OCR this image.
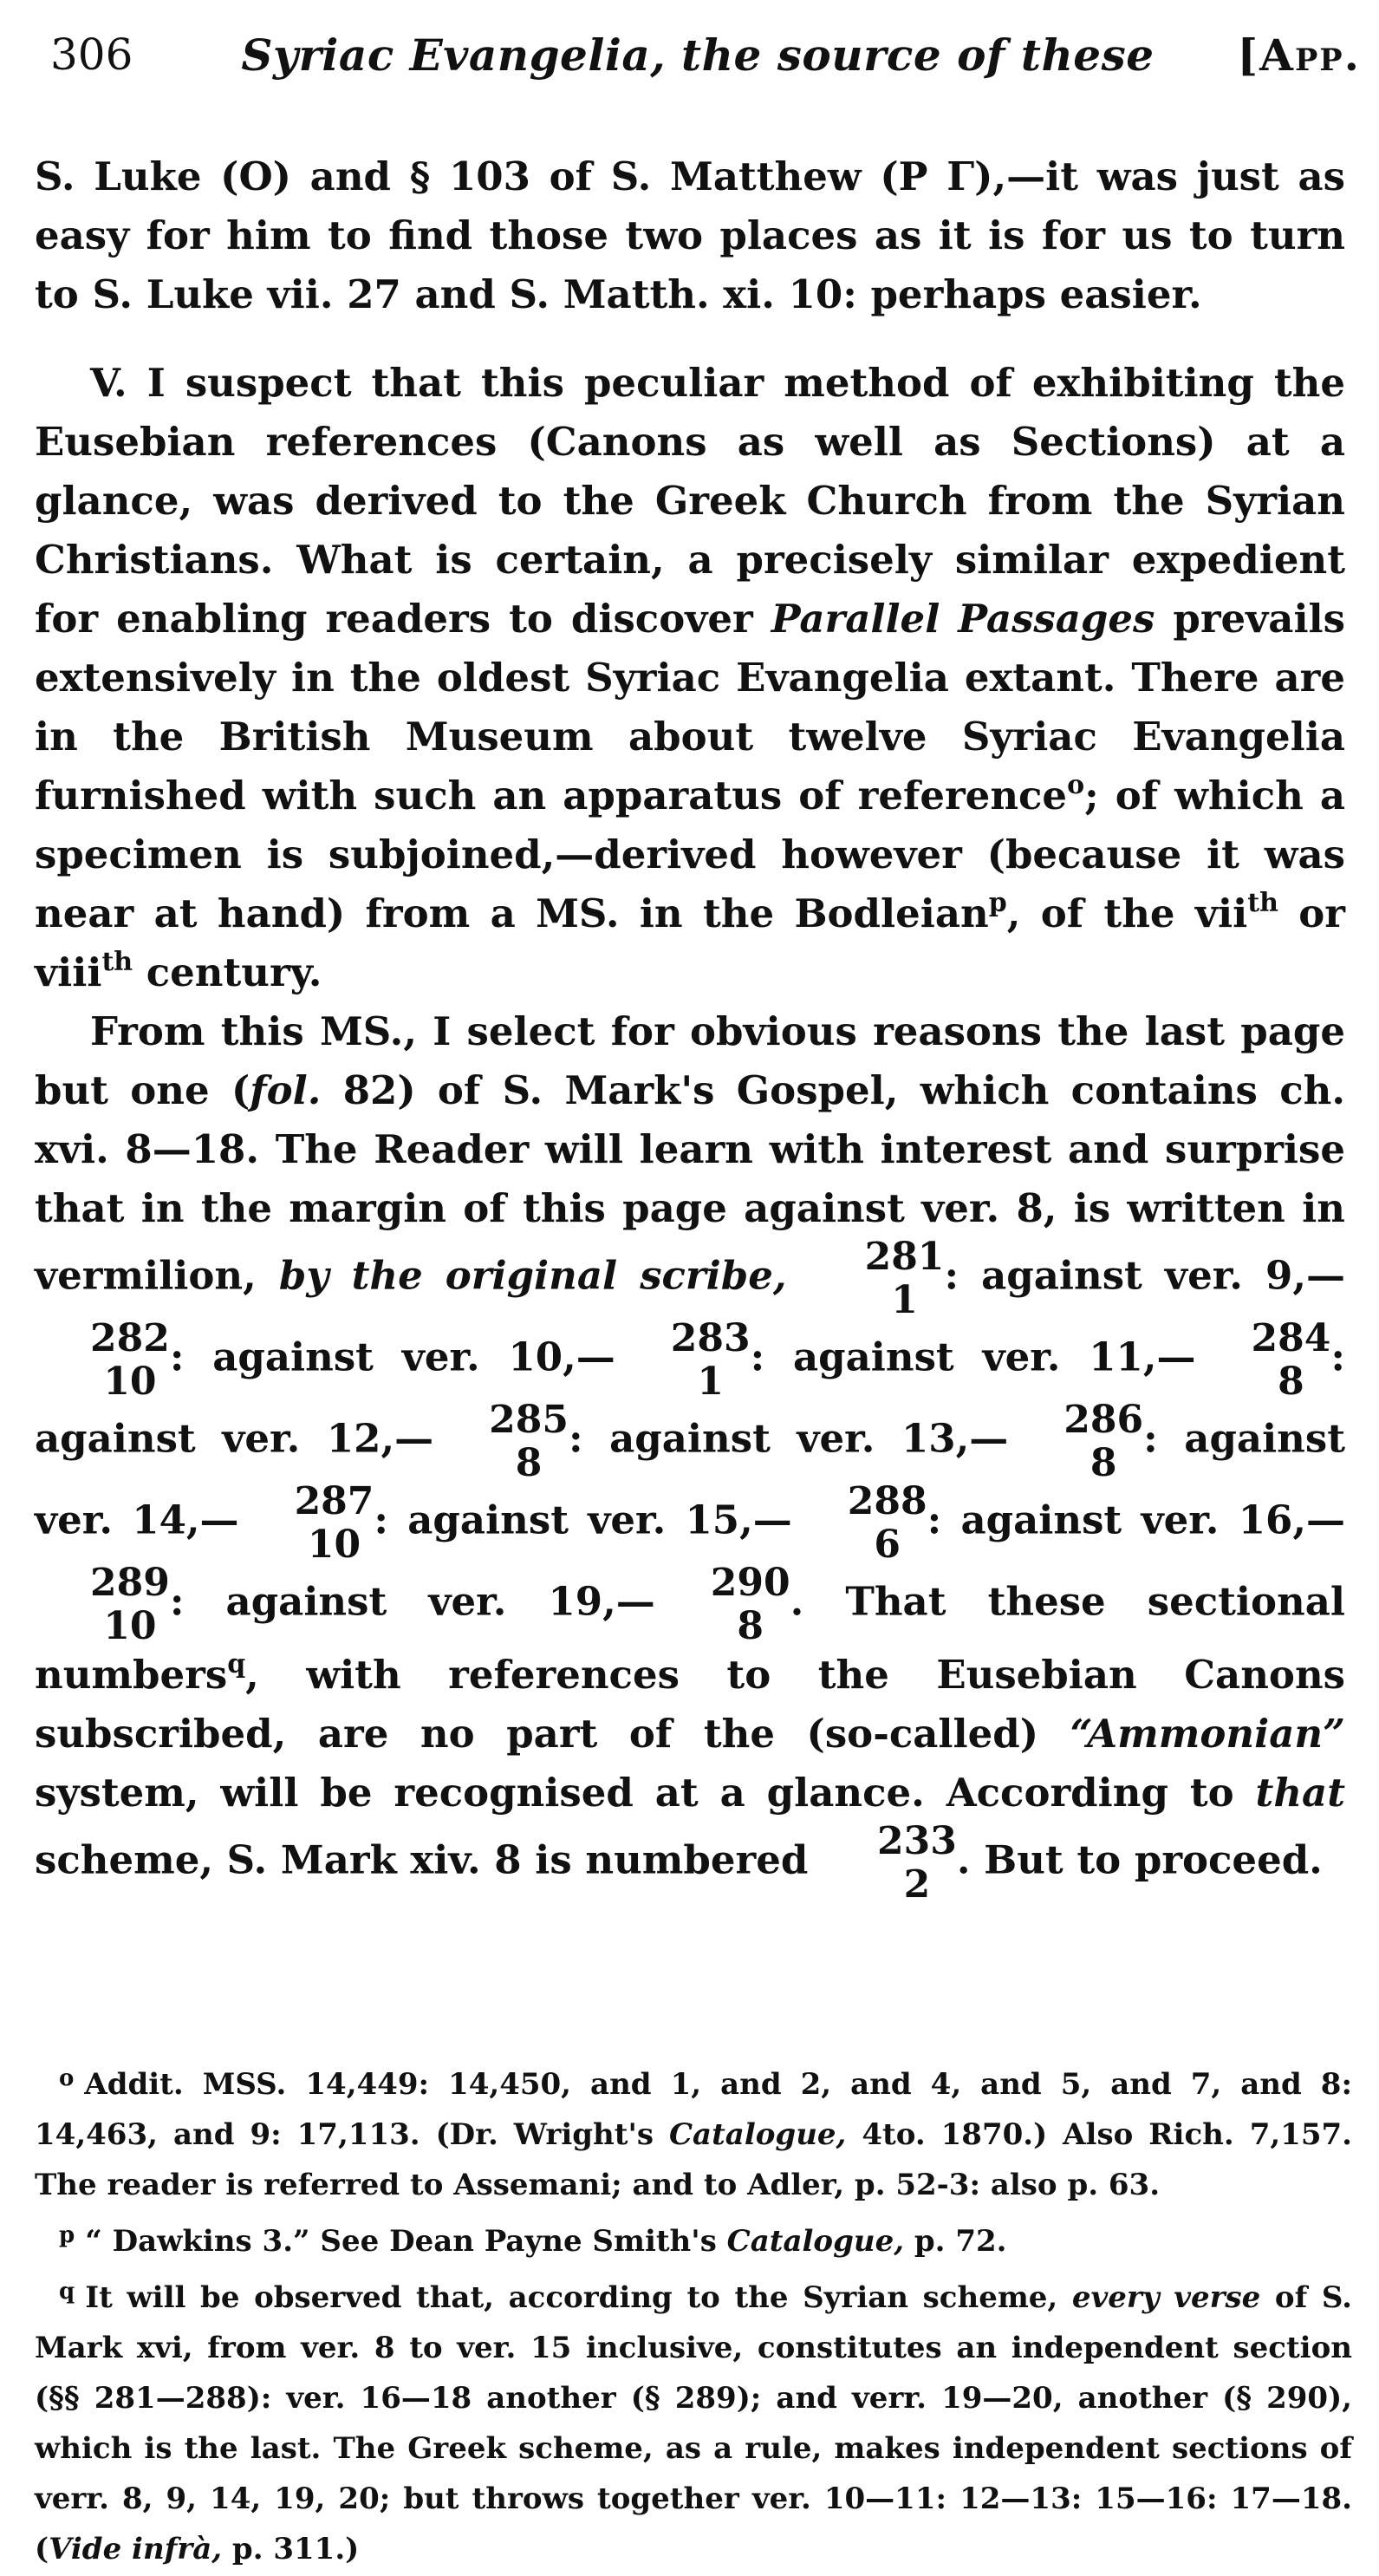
306	Syriac Evangelia, the source of these	[App.

S. Luke (O) and § 103 of S. Matthew (Ρ Γ),—it was just as easy for him to find those two places as it is for us to turn to S. Luke vii. 27 and S. Matth. xi. 10: perhaps easier.

V. I suspect that this peculiar method of exhibiting the Eusebian references (Canons as well as Sections) at a glance, was derived to the Greek Church from the Syrian Christians. What is certain, a precisely similar expedient for enabling readers to discover Parallel Passages prevails extensively in the oldest Syriac Evangelia extant. There are in the British Museum about twelve Syriac Evangelia furnished with such an apparatus of reference$^o$; of which a specimen is subjoined,—derived however (because it was near at hand) from a MS. in the Bodleian$^p$, of the vii$^{th}$ or viii$^{th}$ century.

From this MS., I select for obvious reasons the last page but one (fol. 82) of S. Mark's Gospel, which contains ch. xvi. 8—18. The Reader will learn with interest and surprise that in the margin of this page against ver. 8, is written in vermilion, by the original scribe,	281
1
: against ver. 9,—
282
10
: against ver. 10,—	283
1
: against ver. 11,—	284
8
: against ver. 12,—	285
8
: against ver. 13,—	286
8
: against ver. 14,—	287
10
: against ver. 15,—	288
6
: against ver. 16,—
289
10
: against ver. 19,—	290
8
. That these sectional numbers$^q$, with references to the Eusebian Canons subscribed, are no part of the (so-called) “Ammonian” system, will be recognised at a glance. According to that scheme, S. Mark xiv. 8 is numbered	233
2
. But to proceed.

$^o$ Addit. MSS. 14,449: 14,450, and 1, and 2, and 4, and 5, and 7, and 8: 14,463, and 9: 17,113. (Dr. Wright's Catalogue, 4to. 1870.) Also Rich. 7,157. The reader is referred to Assemani; and to Adler, p. 52-3: also p. 63.

$^p$ “ Dawkins 3.” See Dean Payne Smith's Catalogue, p. 72.

$^q$ It will be observed that, according to the Syrian scheme, every verse of S. Mark xvi, from ver. 8 to ver. 15 inclusive, constitutes an independent section (§§ 281—288): ver. 16—18 another (§ 289); and verr. 19—20, another (§ 290), which is the last. The Greek scheme, as a rule, makes independent sections of verr. 8, 9, 14, 19, 20; but throws together ver. 10—11: 12—13: 15—16: 17—18. (Vide infrà, p. 311.)
